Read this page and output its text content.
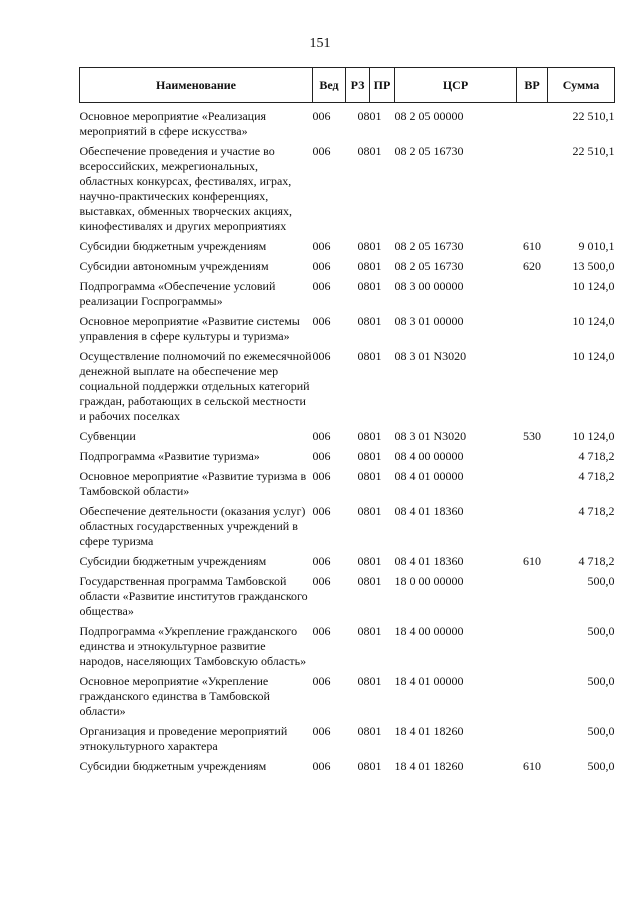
151
Наименование	Вед	РЗ	ПР	ЦСР	ВР	Сумма
Основное мероприятие «Реализация мероприятий в сфере искусства»	006	08	01	08 2 05 00000		22 510,1
Обеспечение проведения и участие во всероссийских, межрегиональных, областных конкурсах, фестивалях, играх, научно-практических конференциях, выставках, обменных творческих акциях, кинофестивалях и других мероприятиях	006	08	01	08 2 05 16730		22 510,1
Субсидии бюджетным учреждениям	006	08	01	08 2 05 16730	610	9 010,1
Субсидии автономным учреждениям	006	08	01	08 2 05 16730	620	13 500,0
Подпрограмма «Обеспечение условий реализации Госпрограммы»	006	08	01	08 3 00 00000		10 124,0
Основное мероприятие «Развитие системы управления в сфере культуры и туризма»	006	08	01	08 3 01 00000		10 124,0
Осуществление полномочий по ежемесячной денежной выплате на обеспечение мер социальной поддержки отдельных категорий граждан, работающих в сельской местности и рабочих поселках	006	08	01	08 3 01 N3020		10 124,0
Субвенции	006	08	01	08 3 01 N3020	530	10 124,0
Подпрограмма «Развитие туризма»	006	08	01	08 4 00 00000		4 718,2
Основное мероприятие «Развитие туризма в Тамбовской области»	006	08	01	08 4 01 00000		4 718,2
Обеспечение деятельности (оказания услуг) областных государственных учреждений в сфере туризма	006	08	01	08 4 01 18360		4 718,2
Субсидии бюджетным учреждениям	006	08	01	08 4 01 18360	610	4 718,2
Государственная программа Тамбовской области «Развитие институтов гражданского общества»	006	08	01	18 0 00 00000		500,0
Подпрограмма «Укрепление гражданского единства и этнокультурное развитие народов, населяющих Тамбовскую область»	006	08	01	18 4 00 00000		500,0
Основное мероприятие «Укрепление гражданского единства в Тамбовской области»	006	08	01	18 4 01 00000		500,0
Организация и проведение мероприятий этнокультурного характера	006	08	01	18 4 01 18260		500,0
Субсидии бюджетным учреждениям	006	08	01	18 4 01 18260	610	500,0
